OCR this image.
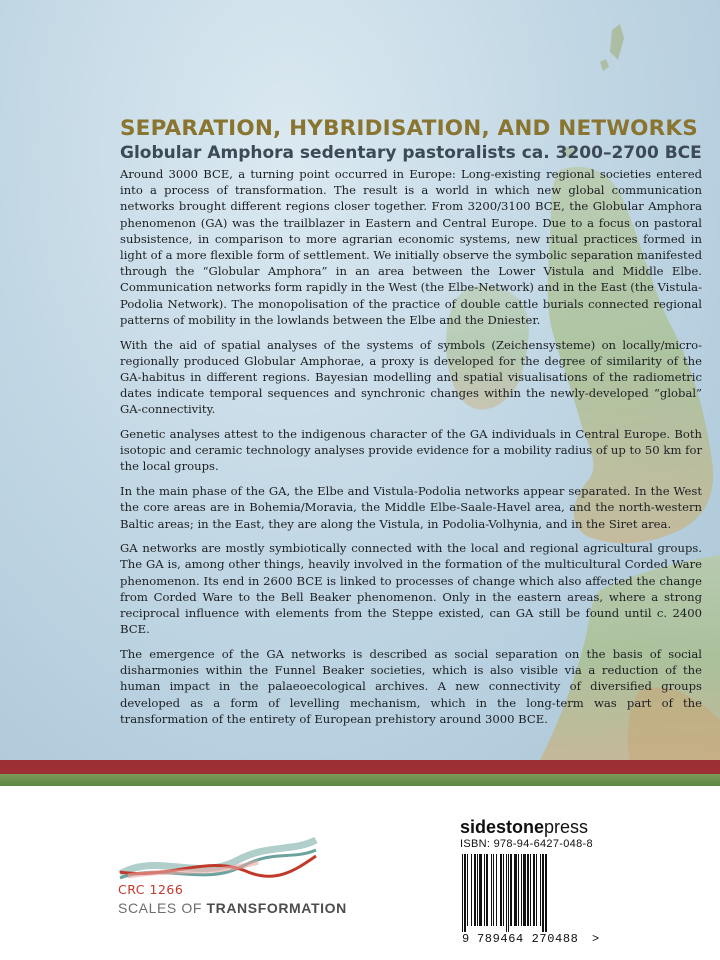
SEPARATION, HYBRIDISATION, AND NETWORKS
Globular Amphora sedentary pastoralists ca. 3200–2700 BCE

Around 3000 BCE, a turning point occurred in Europe: Long-existing regional societies entered into a process of transformation. The result is a world in which new global communication networks brought different regions closer together. From 3200/3100 BCE, the Globular Amphora phenomenon (GA) was the trailblazer in Eastern and Central Europe. Due to a focus on pastoral subsistence, in comparison to more agrarian economic systems, new ritual practices formed in light of a more flexible form of settlement. We initially observe the symbolic separation manifested through the “Globular Amphora” in an area between the Lower Vistula and Middle Elbe. Communication networks form rapidly in the West (the Elbe-Network) and in the East (the Vistula-Podolia Network). The monopolisation of the practice of double cattle burials connected regional patterns of mobility in the lowlands between the Elbe and the Dniester.

With the aid of spatial analyses of the systems of symbols (Zeichensysteme) on locally/micro-regionally produced Globular Amphorae, a proxy is developed for the degree of similarity of the GA-habitus in different regions. Bayesian modelling and spatial visualisations of the radiometric dates indicate temporal sequences and synchronic changes within the newly-developed “global” GA-connectivity.

Genetic analyses attest to the indigenous character of the GA individuals in Central Europe. Both isotopic and ceramic technology analyses provide evidence for a mobility radius of up to 50 km for the local groups.

In the main phase of the GA, the Elbe and Vistula-Podolia networks appear separated. In the West the core areas are in Bohemia/Moravia, the Middle Elbe-Saale-Havel area, and the north-western Baltic areas; in the East, they are along the Vistula, in Podolia-Volhynia, and in the Siret area.

GA networks are mostly symbiotically connected with the local and regional agricultural groups. The GA is, among other things, heavily involved in the formation of the multicultural Corded Ware phenomenon. Its end in 2600 BCE is linked to processes of change which also affected the change from Corded Ware to the Bell Beaker phenomenon. Only in the eastern areas, where a strong reciprocal influence with elements from the Steppe existed, can GA still be found until c. 2400 BCE.

The emergence of the GA networks is described as social separation on the basis of social disharmonies within the Funnel Beaker societies, which is also visible via a reduction of the human impact in the palaeoecological archives. A new connectivity of diversified groups developed as a form of levelling mechanism, which in the long-term was part of the transformation of the entirety of European prehistory around 3000 BCE.

CRC 1266

SCALES OF TRANSFORMATION

sidestonepress

ISBN: 978-94-6427-048-8

9 789464 270488 >
